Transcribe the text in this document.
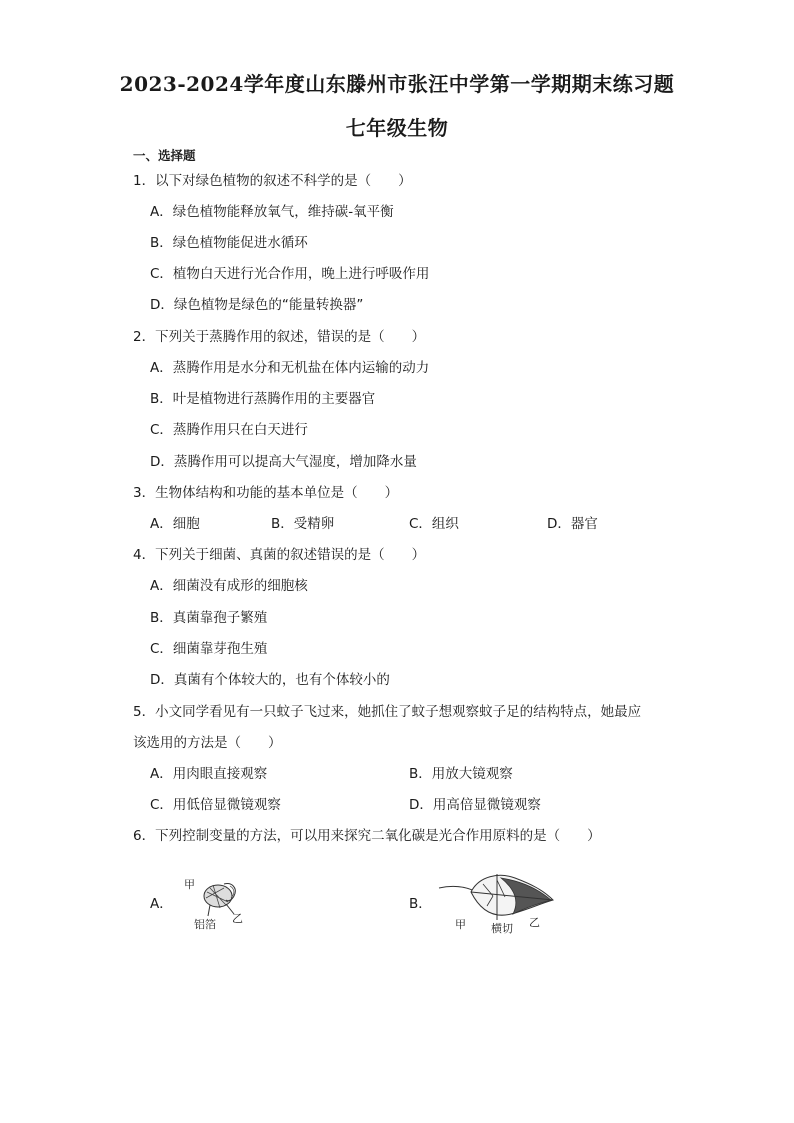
2023-2024学年度山东滕州市张汪中学第一学期期末练习题
七年级生物
一、选择题
1．以下对绿色植物的叙述不科学的是（　　）
A．绿色植物能释放氧气，维持碳-氧平衡
B．绿色植物能促进水循环
C．植物白天进行光合作用，晚上进行呼吸作用
D．绿色植物是绿色的“能量转换器”
2．下列关于蒸腾作用的叙述，错误的是（　　）
A．蒸腾作用是水分和无机盐在体内运输的动力
B．叶是植物进行蒸腾作用的主要器官
C．蒸腾作用只在白天进行
D．蒸腾作用可以提高大气湿度，增加降水量
3．生物体结构和功能的基本单位是（　　）
A．细胞	B．受精卵	C．组织	D．器官
4．下列关于细菌、真菌的叙述错误的是（　　）
A．细菌没有成形的细胞核
B．真菌靠孢子繁殖
C．细菌靠芽孢生殖
D．真菌有个体较大的，也有个体较小的
5．小文同学看见有一只蚊子飞过来，她抓住了蚊子想观察蚊子足的结构特点，她最应
该选用的方法是（　　）
A．用肉眼直接观察	B．用放大镜观察
C．用低倍显微镜观察	D．用高倍显微镜观察
6．下列控制变量的方法，可以用来探究二氧化碳是光合作用原料的是（　　）
A．	B．
甲
乙
铝箔	甲 横切 乙
